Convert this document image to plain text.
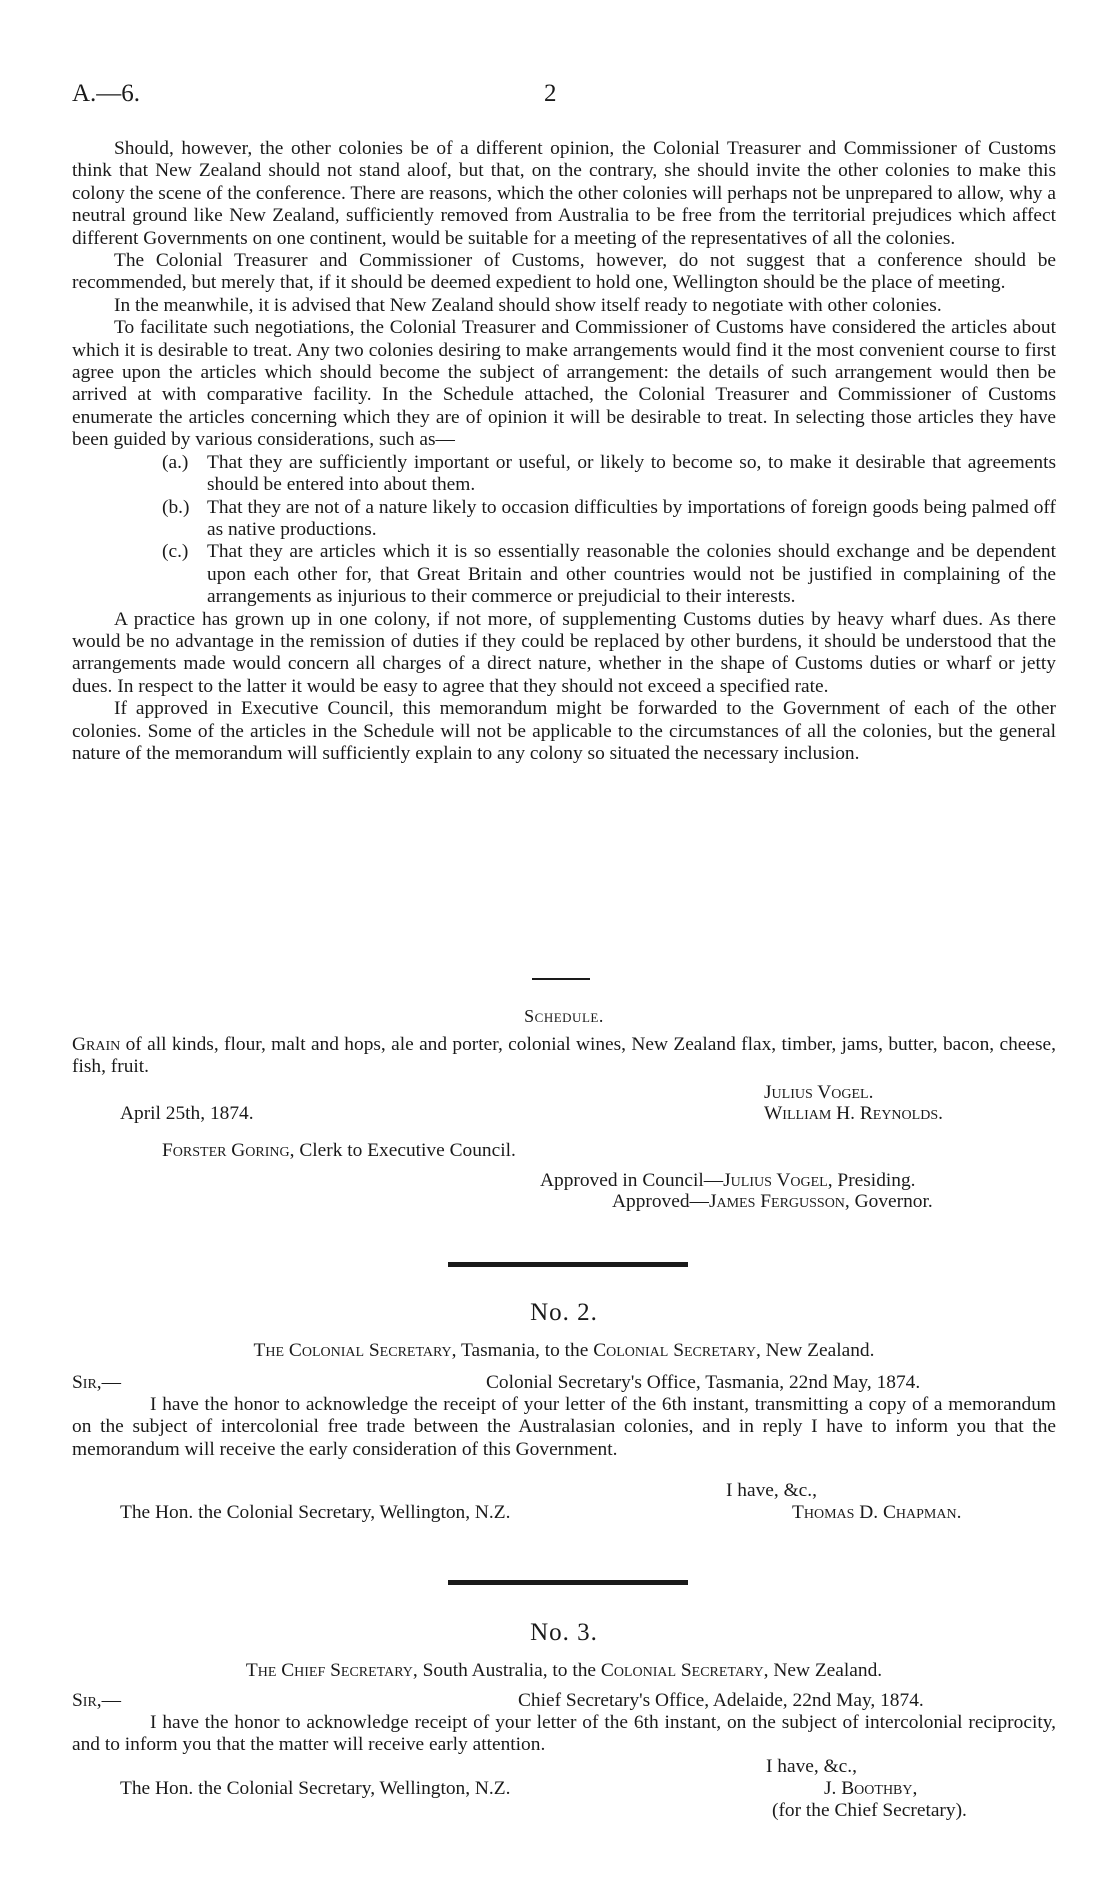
A.—6.	2

Should, however, the other colonies be of a different opinion, the Colonial Treasurer and Commissioner of Customs think that New Zealand should not stand aloof, but that, on the contrary, she should invite the other colonies to make this colony the scene of the conference. There are reasons, which the other colonies will perhaps not be unprepared to allow, why a neutral ground like New Zealand, sufficiently removed from Australia to be free from the territorial prejudices which affect different Governments on one continent, would be suitable for a meeting of the representatives of all the colonies.

The Colonial Treasurer and Commissioner of Customs, however, do not suggest that a conference should be recommended, but merely that, if it should be deemed expedient to hold one, Wellington should be the place of meeting.

In the meanwhile, it is advised that New Zealand should show itself ready to negotiate with other colonies.

To facilitate such negotiations, the Colonial Treasurer and Commissioner of Customs have considered the articles about which it is desirable to treat. Any two colonies desiring to make arrangements would find it the most convenient course to first agree upon the articles which should become the subject of arrangement: the details of such arrangement would then be arrived at with comparative facility. In the Schedule attached, the Colonial Treasurer and Commissioner of Customs enumerate the articles concerning which they are of opinion it will be desirable to treat. In selecting those articles they have been guided by various considerations, such as—

(a.) That they are sufficiently important or useful, or likely to become so, to make it desirable that agreements should be entered into about them.
(b.) That they are not of a nature likely to occasion difficulties by importations of foreign goods being palmed off as native productions.
(c.) That they are articles which it is so essentially reasonable the colonies should exchange and be dependent upon each other for, that Great Britain and other countries would not be justified in complaining of the arrangements as injurious to their commerce or prejudicial to their interests.

A practice has grown up in one colony, if not more, of supplementing Customs duties by heavy wharf dues. As there would be no advantage in the remission of duties if they could be replaced by other burdens, it should be understood that the arrangements made would concern all charges of a direct nature, whether in the shape of Customs duties or wharf or jetty dues. In respect to the latter it would be easy to agree that they should not exceed a specified rate.

If approved in Executive Council, this memorandum might be forwarded to the Government of each of the other colonies. Some of the articles in the Schedule will not be applicable to the circumstances of all the colonies, but the general nature of the memorandum will sufficiently explain to any colony so situated the necessary inclusion.

Schedule.
Grain of all kinds, flour, malt and hops, ale and porter, colonial wines, New Zealand flax, timber, jams, butter, bacon, cheese, fish, fruit.
Julius Vogel.
April 25th, 1874.	William H. Reynolds.
Forster Goring, Clerk to Executive Council.
Approved in Council—Julius Vogel, Presiding.
Approved—James Fergusson, Governor.
No. 2.
The Colonial Secretary, Tasmania, to the Colonial Secretary, New Zealand.
Sir,—	Colonial Secretary's Office, Tasmania, 22nd May, 1874.
I have the honor to acknowledge the receipt of your letter of the 6th instant, transmitting a copy of a memorandum on the subject of intercolonial free trade between the Australasian colonies, and in reply I have to inform you that the memorandum will receive the early consideration of this Government.
I have, &c.,
The Hon. the Colonial Secretary, Wellington, N.Z.	Thomas D. Chapman.
No. 3.
The Chief Secretary, South Australia, to the Colonial Secretary, New Zealand.
Sir,—	Chief Secretary's Office, Adelaide, 22nd May, 1874.
I have the honor to acknowledge receipt of your letter of the 6th instant, on the subject of intercolonial reciprocity, and to inform you that the matter will receive early attention.
I have, &c.,
The Hon. the Colonial Secretary, Wellington, N.Z.	J. Boothby,
(for the Chief Secretary).
